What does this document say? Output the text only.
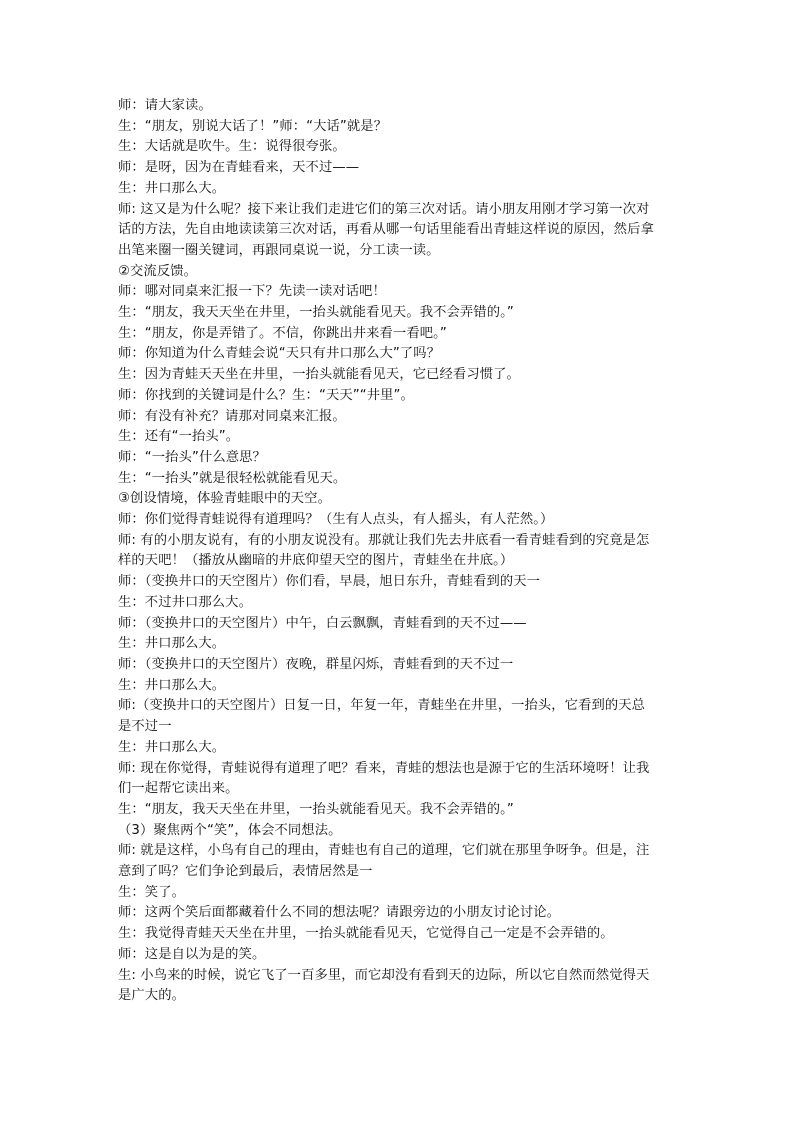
师：请大家读。
生：“朋友，别说大话了！”师：“大话”就是？
生：大话就是吹牛。生：说得很夸张。
师：是呀，因为在青蛙看来，天不过——
生：井口那么大。
师: 这又是为什么呢？接下来让我们走进它们的第三次对话。请小朋友用刚才学习第一次对
话的方法，先自由地读读第三次对话，再看从哪一句话里能看出青蛙这样说的原因，然后拿
出笔来圈一圈关键词，再跟同桌说一说，分工读一读。
②交流反馈。
师：哪对同桌来汇报一下？先读一读对话吧！
生：“朋友，我天天坐在井里，一抬头就能看见天。我不会弄错的。”
生：“朋友，你是弄错了。不信，你跳出井来看一看吧。”
师：你知道为什么青蛙会说“天只有井口那么大”了吗？
生：因为青蛙天天坐在井里，一抬头就能看见天，它已经看习惯了。
师：你找到的关键词是什么？生：“天天”“井里”。
师：有没有补充？请那对同桌来汇报。
生：还有“一抬头”。
师：“一抬头”什么意思？
生：“一抬头”就是很轻松就能看见天。
③创设情境，体验青蛙眼中的天空。
师：你们觉得青蛙说得有道理吗？（生有人点头，有人摇头，有人茫然。）
师: 有的小朋友说有，有的小朋友说没有。那就让我们先去井底看一看青蛙看到的究竟是怎
样的天吧！（播放从幽暗的井底仰望天空的图片，青蛙坐在井底。）
师：（变换井口的天空图片）你们看，早晨，旭日东升，青蛙看到的天一
生：不过井口那么大。
师：（变换井口的天空图片）中午，白云飘飘，青蛙看到的天不过——
生：井口那么大。
师：（变换井口的天空图片）夜晚，群星闪烁，青蛙看到的天不过一
生：井口那么大。
师:（变换井口的天空图片）日复一日，年复一年，青蛙坐在井里，一抬头，它看到的天总
是不过一
生：井口那么大。
师: 现在你觉得，青蛙说得有道理了吧？看来，青蛙的想法也是源于它的生活环境呀！让我
们一起帮它读出来。
生：“朋友，我天天坐在井里，一抬头就能看见天。我不会弄错的。”
（3）聚焦两个“笑”，体会不同想法。
师: 就是这样，小鸟有自己的理由，青蛙也有自己的道理，它们就在那里争呀争。但是，注
意到了吗？它们争论到最后，表情居然是一
生：笑了。
师：这两个笑后面都藏着什么不同的想法呢？请跟旁边的小朋友讨论讨论。
生：我觉得青蛙天天坐在井里，一抬头就能看见天，它觉得自己一定是不会弄错的。
师：这是自以为是的笑。
生: 小鸟来的时候，说它飞了一百多里，而它却没有看到天的边际，所以它自然而然觉得天
是广大的。
